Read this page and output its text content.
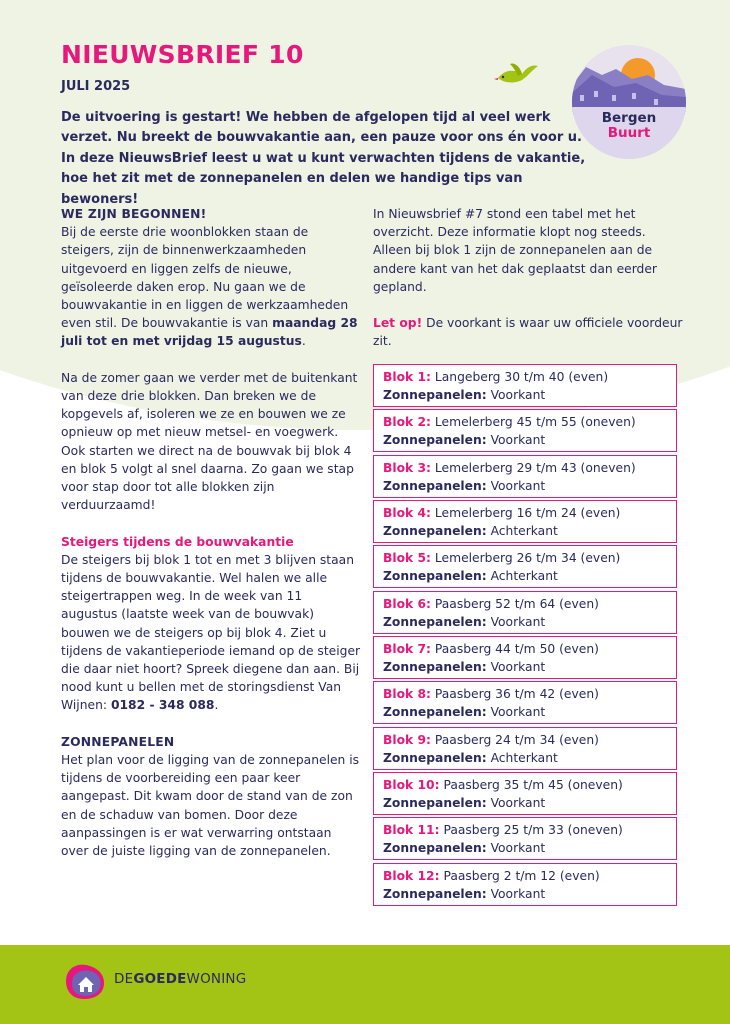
NIEUWSBRIEF 10
JULI 2025
Bergen
Buurt
De uitvoering is gestart! We hebben de afgelopen tijd al veel werk verzet. Nu breekt de bouwvakantie aan, een pauze voor ons én voor u. In deze NieuwsBrief leest u wat u kunt verwachten tijdens de vakantie, hoe het zit met de zonnepanelen en delen we handige tips van bewoners!

WE ZIJN BEGONNEN!

Bij de eerste drie woonblokken staan de steigers, zijn de binnenwerkzaamheden uitgevoerd en liggen zelfs de nieuwe, geïsoleerde daken erop. Nu gaan we de bouwvakantie in en liggen de werkzaamheden even stil. De bouwvakantie is van maandag 28 juli tot en met vrijdag 15 augustus.

Na de zomer gaan we verder met de buitenkant van deze drie blokken. Dan breken we de kopgevels af, isoleren we ze en bouwen we ze opnieuw op met nieuw metsel- en voegwerk. Ook starten we direct na de bouwvak bij blok 4 en blok 5 volgt al snel daarna. Zo gaan we stap voor stap door tot alle blokken zijn verduurzaamd!

Steigers tijdens de bouwvakantie

De steigers bij blok 1 tot en met 3 blijven staan tijdens de bouwvakantie. Wel halen we alle steigertrappen weg. In de week van 11 augustus (laatste week van de bouwvak) bouwen we de steigers op bij blok 4. Ziet u tijdens de vakantieperiode iemand op de steiger die daar niet hoort? Spreek diegene dan aan. Bij nood kunt u bellen met de storingsdienst Van Wijnen: 0182 - 348 088.

ZONNEPANELEN

Het plan voor de ligging van de zonnepanelen is tijdens de voorbereiding een paar keer aangepast. Dit kwam door de stand van de zon en de schaduw van bomen. Door deze aanpassingen is er wat verwarring ontstaan over de juiste ligging van de zonnepanelen.

In Nieuwsbrief #7 stond een tabel met het overzicht. Deze informatie klopt nog steeds. Alleen bij blok 1 zijn de zonnepanelen aan de andere kant van het dak geplaatst dan eerder gepland.

Let op! De voorkant is waar uw officiele voordeur zit.

Blok 1: Langeberg 30 t/m 40 (even)
Zonnepanelen: Voorkant
Blok 2: Lemelerberg 45 t/m 55 (oneven)
Zonnepanelen: Voorkant
Blok 3: Lemelerberg 29 t/m 43 (oneven)
Zonnepanelen: Voorkant
Blok 4: Lemelerberg 16 t/m 24 (even)
Zonnepanelen: Achterkant
Blok 5: Lemelerberg 26 t/m 34 (even)
Zonnepanelen: Achterkant
Blok 6: Paasberg 52 t/m 64 (even)
Zonnepanelen: Voorkant
Blok 7: Paasberg 44 t/m 50 (even)
Zonnepanelen: Voorkant
Blok 8: Paasberg 36 t/m 42 (even)
Zonnepanelen: Voorkant
Blok 9: Paasberg 24 t/m 34 (even)
Zonnepanelen: Achterkant
Blok 10: Paasberg 35 t/m 45 (oneven)
Zonnepanelen: Voorkant
Blok 11: Paasberg 25 t/m 33 (oneven)
Zonnepanelen: Voorkant
Blok 12: Paasberg 2 t/m 12 (even)
Zonnepanelen: Voorkant
DEGOEDEWONING
